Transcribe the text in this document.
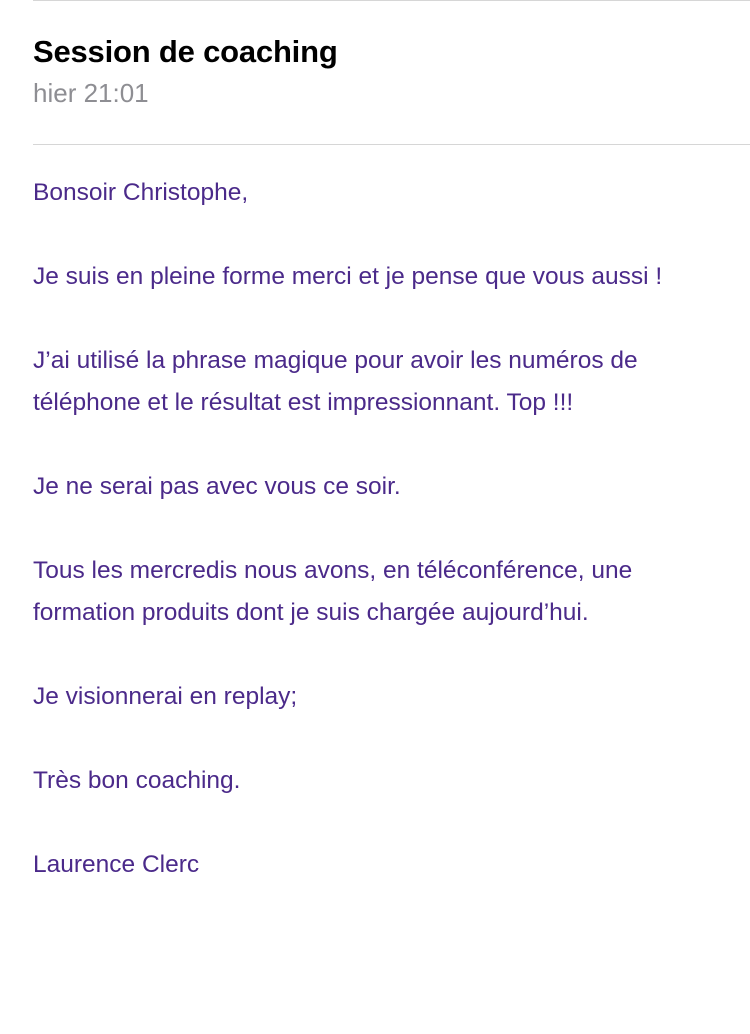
Session de coaching
hier 21:01

Bonsoir Christophe,

Je suis en pleine forme merci et je pense que vous aussi !

J’ai utilisé la phrase magique pour avoir les numéros de téléphone et le résultat est impressionnant. Top !!!

Je ne serai pas avec vous ce soir.

Tous les mercredis nous avons, en téléconférence, une formation produits dont je suis chargée aujourd’hui.

Je visionnerai en replay;

Très bon coaching.

Laurence Clerc
